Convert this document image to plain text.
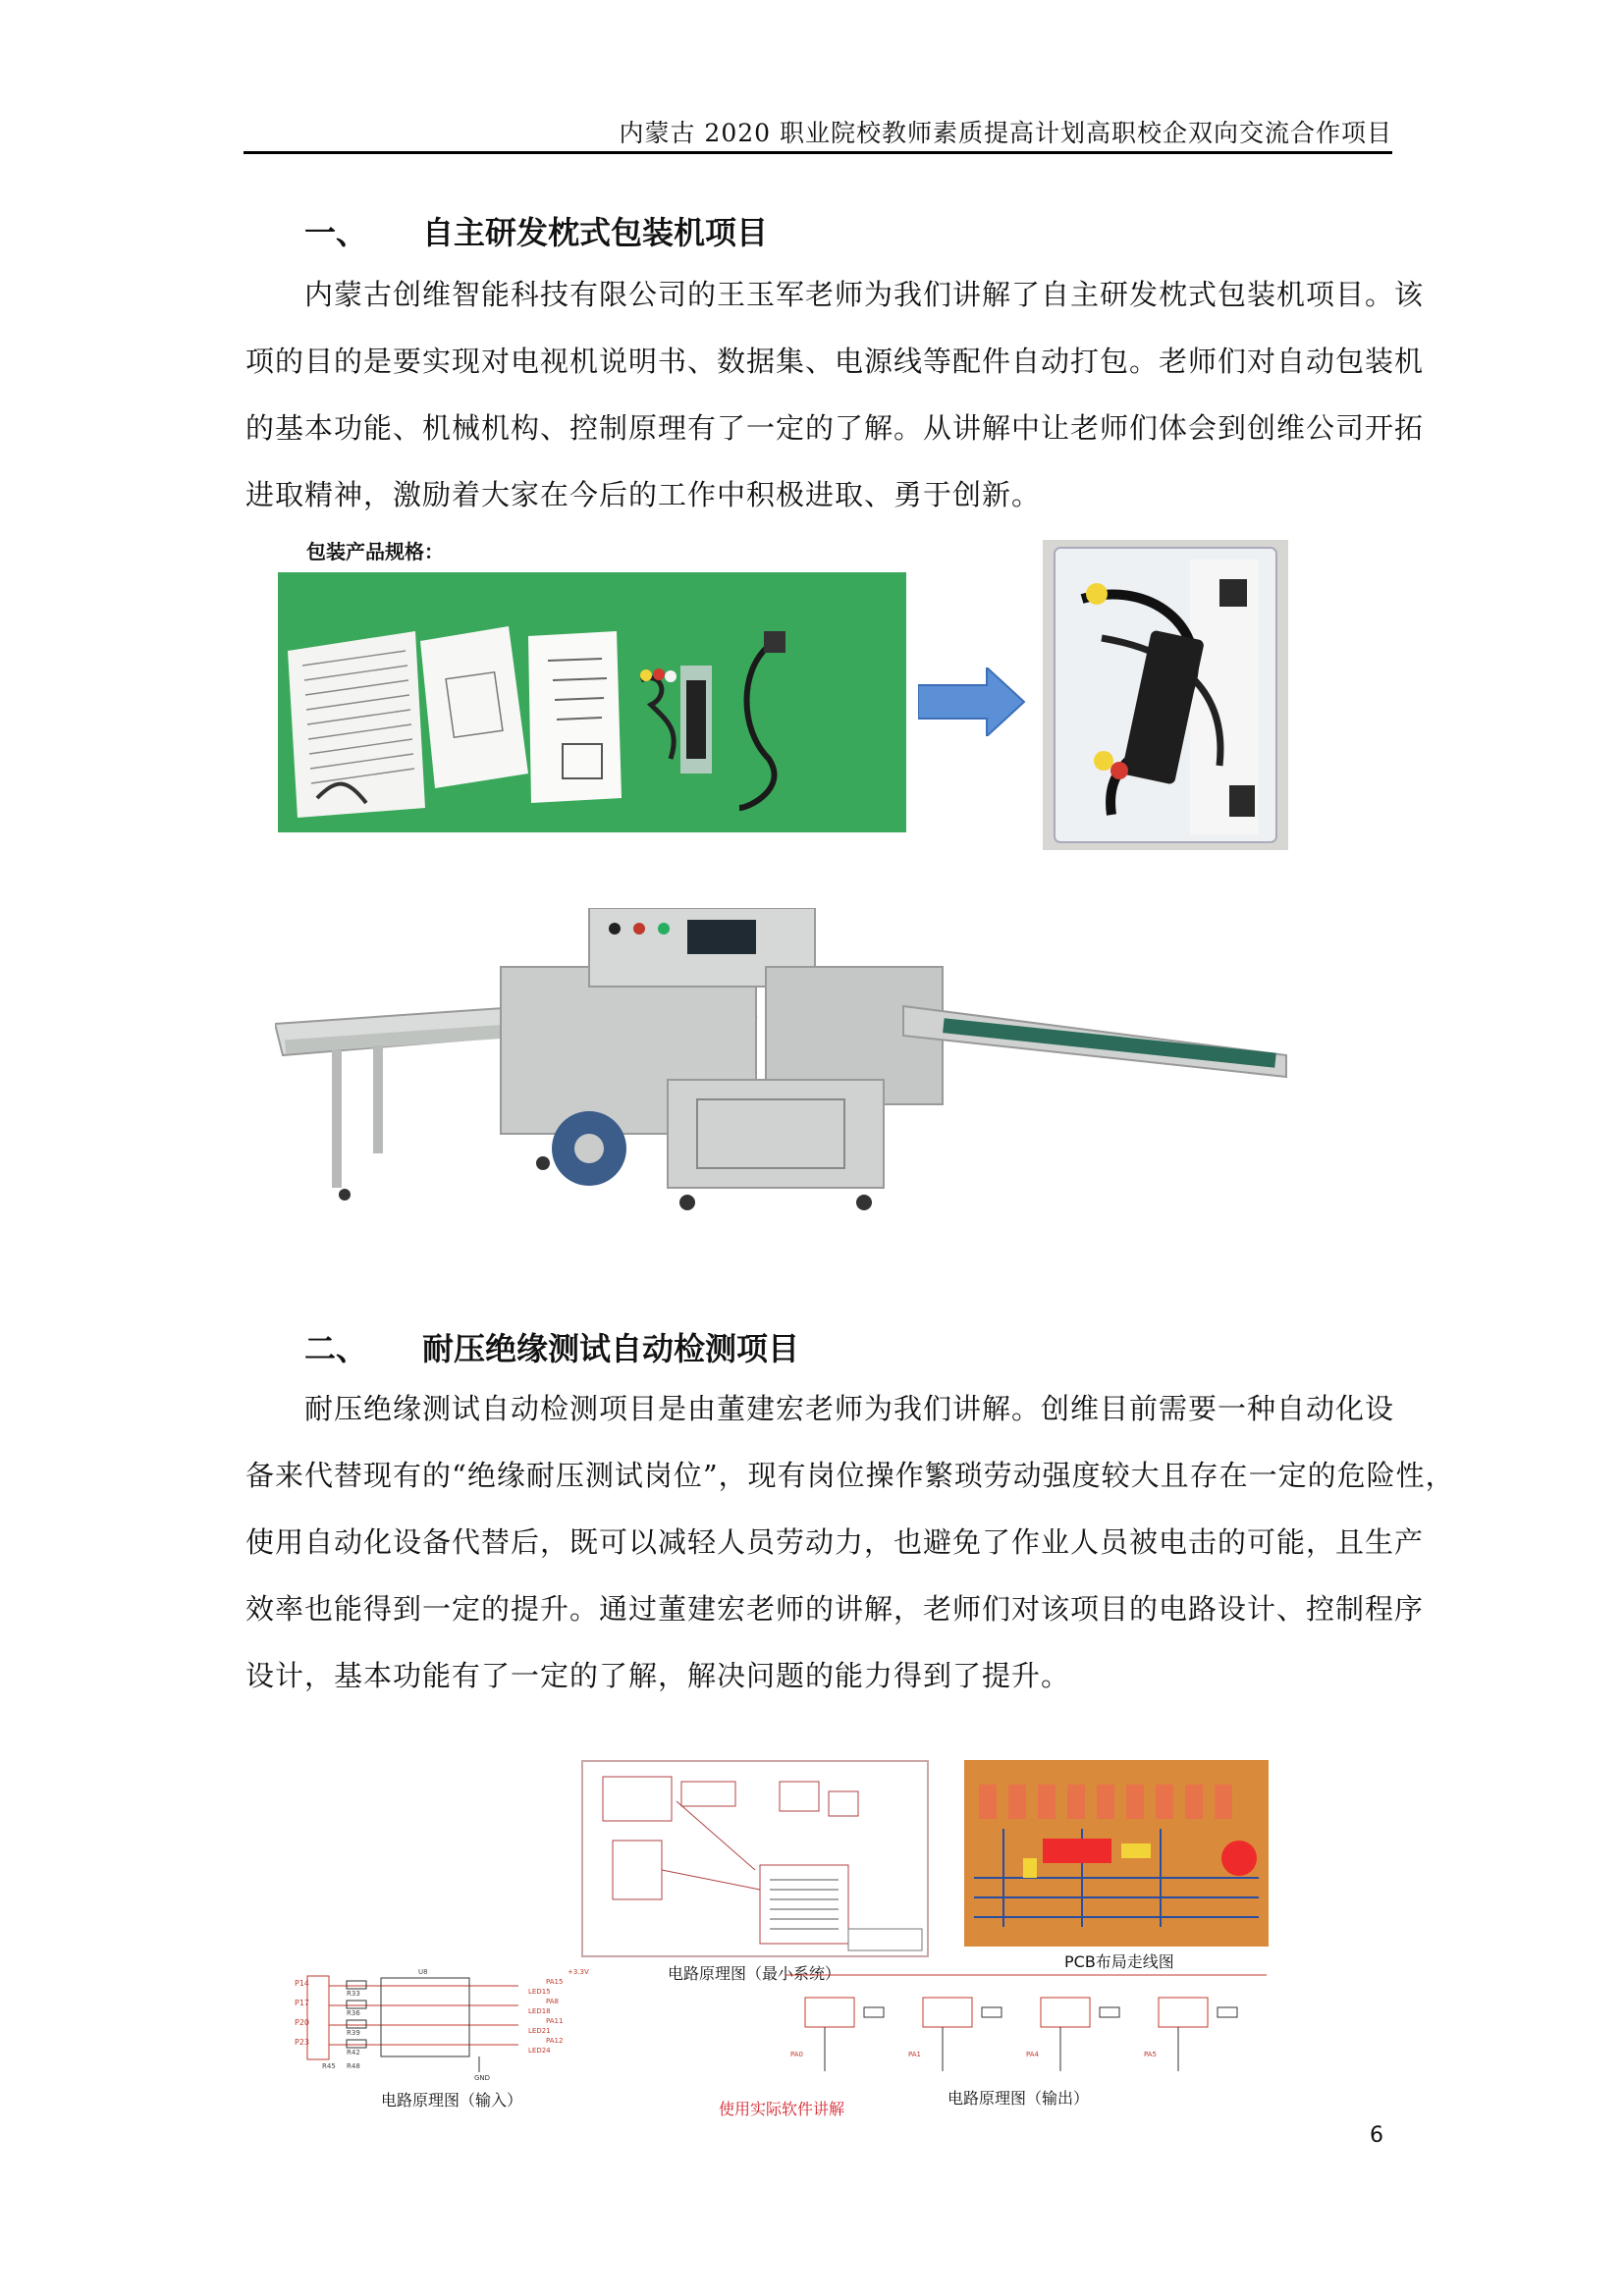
内蒙古 2020 职业院校教师素质提高计划高职校企双向交流合作项目
一、 自主研发枕式包装机项目
内蒙古创维智能科技有限公司的王玉军老师为我们讲解了自主研发枕式包装机项目。该
项的目的是要实现对电视机说明书、数据集、电源线等配件自动打包。老师们对自动包装机
的基本功能、机械机构、控制原理有了一定的了解。从讲解中让老师们体会到创维公司开拓
进取精神，激励着大家在今后的工作中积极进取、勇于创新。
包装产品规格：
二、 耐压绝缘测试自动检测项目
耐压绝缘测试自动检测项目是由董建宏老师为我们讲解。创维目前需要一种自动化设
备来代替现有的“绝缘耐压测试岗位”，现有岗位操作繁琐劳动强度较大且存在一定的危险性，
使用自动化设备代替后，既可以减轻人员劳动力，也避免了作业人员被电击的可能，且生产
效率也能得到一定的提升。通过董建宏老师的讲解，老师们对该项目的电路设计、控制程序
设计，基本功能有了一定的了解，解决问题的能力得到了提升。
电路原理图（最小系统）
PCB布局走线图
P14
P17
P20
P23
R33
R36
R39
R42
R45 R48
U8	+3.3V
PA15
PA8
PA11
PA12
LED15
LED18
LED21
LED24
GND
电路原理图（输入）	使用实际软件讲解
PA0	PA1	PA4	PA5
电路原理图（输出）
6
